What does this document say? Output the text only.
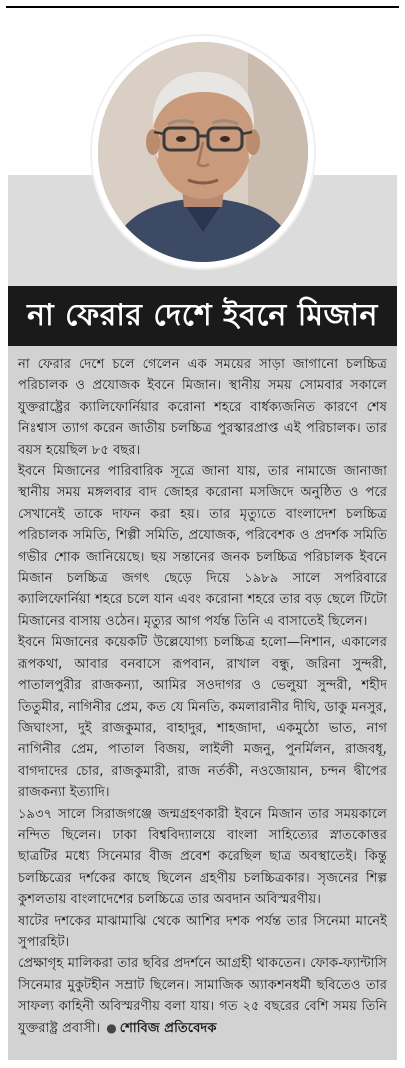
না ফেরার দেশে ইবনে মিজান

না ফেরার দেশে চলে গেলেন এক সময়ের সাড়া জাগানো চলচ্চিত্র পরিচালক ও প্রযোজক ইবনে মিজান। স্থানীয় সময় সোমবার সকালে যুক্তরাষ্ট্রের ক্যালিফোর্নিয়ার করোনা শহরে বার্ধক্যজনিত কারণে শেষ নিঃশ্বাস ত্যাগ করেন জাতীয় চলচ্চিত্র পুরস্কারপ্রাপ্ত এই পরিচালক। তার বয়স হয়েছিল ৮৫ বছর।

ইবনে মিজানের পারিবারিক সূত্রে জানা যায়, তার নামাজে জানাজা স্থানীয় সময় মঙ্গলবার বাদ জোহর করোনা মসজিদে অনুষ্ঠিত ও পরে সেখানেই তাকে দাফন করা হয়। তার মৃত্যুতে বাংলাদেশ চলচ্চিত্র পরিচালক সমিতি, শিল্পী সমিতি, প্রযোজক, পরিবেশক ও প্রদর্শক সমিতি গভীর শোক জানিয়েছে। ছয় সন্তানের জনক চলচ্চিত্র পরিচালক ইবনে মিজান চলচ্চিত্র জগৎ ছেড়ে দিয়ে ১৯৮৯ সালে সপরিবারে ক্যালিফোর্নিয়া শহরে চলে যান এবং করোনা শহরে তার বড় ছেলে টিটো মিজানের বাসায় ওঠেন। মৃত্যুর আগ পর্যন্ত তিনি এ বাসাতেই ছিলেন।

ইবনে মিজানের কয়েকটি উল্লেযোগ্য চলচ্চিত্র হলো—নিশান, একালের রূপকথা, আবার বনবাসে রূপবান, রাখাল বন্ধু, জরিনা সুন্দরী, পাতালপুরীর রাজকন্যা, আমির সওদাগর ও ভেলুয়া সুন্দরী, শহীদ তিতুমীর, নাগিনীর প্রেম, কত যে মিনতি, কমলারানীর দীঘি, ডাকু মনসুর, জিঘাংসা, দুই রাজকুমার, বাহাদুর, শাহজাদা, একমুঠো ভাত, নাগ নাগিনীর প্রেম, পাতাল বিজয়, লাইলী মজনু, পুনর্মিলন, রাজবধূ, বাগদাদের চোর, রাজকুমারী, রাজ নর্তকী, নওজোয়ান, চন্দন দ্বীপের রাজকন্যা ইত্যাদি।

১৯৩৭ সালে সিরাজগঞ্জে জন্মগ্রহণকারী ইবনে মিজান তার সময়কালে নন্দিত ছিলেন। ঢাকা বিশ্ববিদ্যালয়ে বাংলা সাহিত্যের স্নাতকোত্তর ছাত্রটির মধ্যে সিনেমার বীজ প্রবেশ করেছিল ছাত্র অবস্থাতেই। কিন্তু চলচ্চিত্রের দর্শকের কাছে ছিলেন গ্রহণীয় চলচ্চিত্রকার। সৃজনের শিল্প কুশলতায় বাংলাদেশের চলচ্চিত্রে তার অবদান অবিস্মরণীয়।

ষাটের দশকের মাঝামাঝি থেকে আশির দশক পর্যন্ত তার সিনেমা মানেই সুপারহিট।

প্রেক্ষাগৃহ মালিকরা তার ছবির প্রদর্শনে আগ্রহী থাকতেন। ফোক-ফ্যান্টাসি সিনেমার মুকুটহীন সম্রাট ছিলেন। সামাজিক অ্যাকশনধর্মী ছবিতেও তার সাফল্য কাহিনী অবিস্মরণীয় বলা যায়। গত ২৫ বছরের বেশি সময় তিনি যুক্তরাষ্ট্র প্রবাসী। ● শোবিজ প্রতিবেদক
